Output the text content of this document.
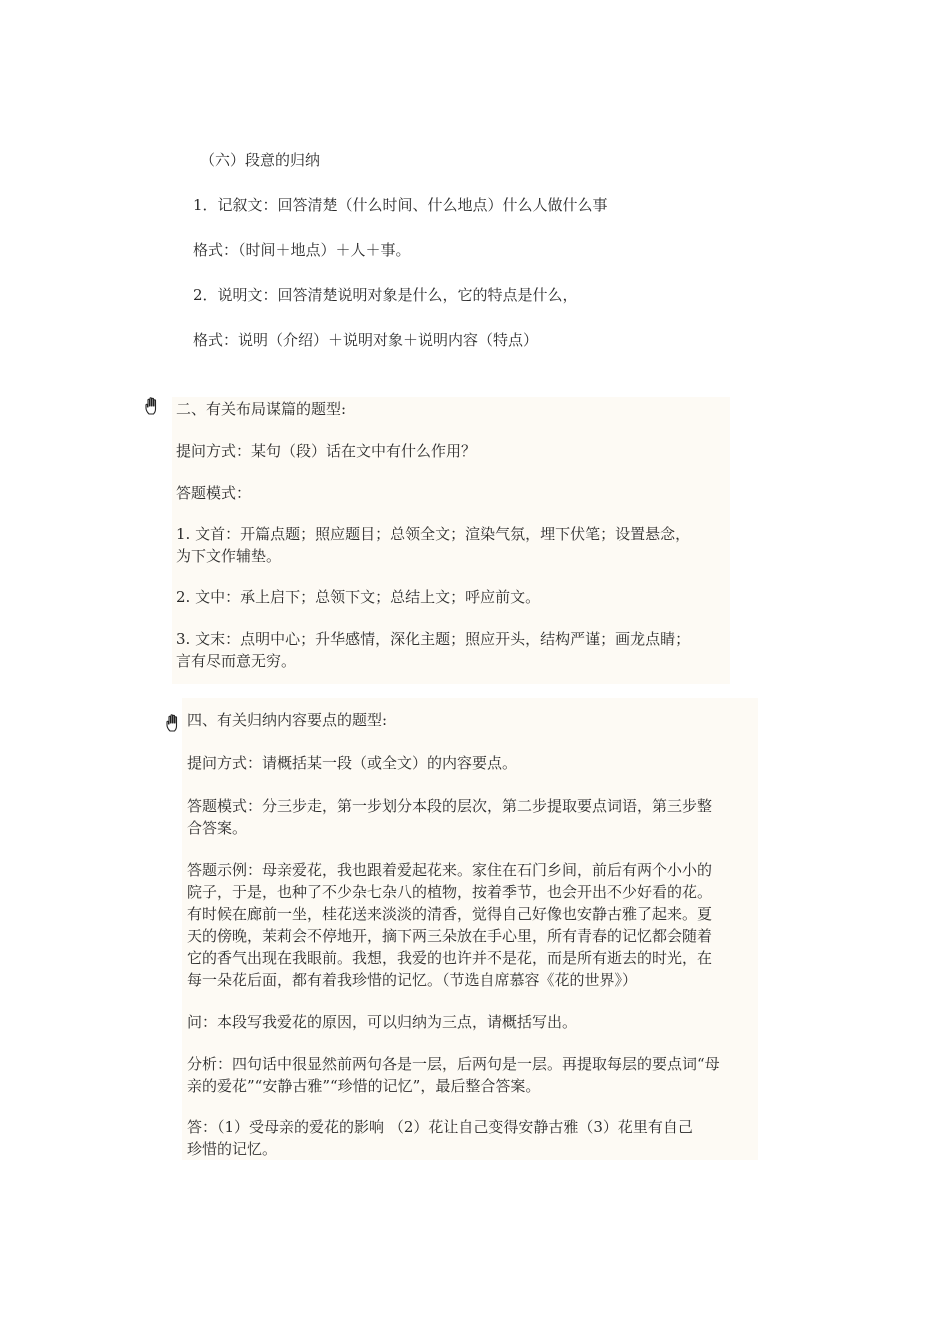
（六）段意的归纳
1．记叙文：回答清楚（什么时间、什么地点）什么人做什么事
格式：（时间＋地点）＋人＋事。
2．说明文：回答清楚说明对象是什么，它的特点是什么，
格式：说明（介绍）＋说明对象＋说明内容（特点）
二、有关布局谋篇的题型:
提问方式：某句（段）话在文中有什么作用？
答题模式：
1. 文首：开篇点题；照应题目；总领全文；渲染气氛，埋下伏笔；设置悬念，
为下文作辅垫。
2. 文中：承上启下；总领下文；总结上文；呼应前文。
3. 文末：点明中心；升华感情，深化主题；照应开头，结构严谨；画龙点睛；
言有尽而意无穷。
四、有关归纳内容要点的题型:
提问方式：请概括某一段（或全文）的内容要点。
答题模式：分三步走，第一步划分本段的层次，第二步提取要点词语，第三步整
合答案。
答题示例：母亲爱花，我也跟着爱起花来。家住在石门乡间，前后有两个小小的
院子，于是，也种了不少杂七杂八的植物，按着季节，也会开出不少好看的花。
有时候在廊前一坐，桂花送来淡淡的清香，觉得自己好像也安静古雅了起来。夏
天的傍晚，茉莉会不停地开，摘下两三朵放在手心里，所有青春的记忆都会随着
它的香气出现在我眼前。我想，我爱的也许并不是花，而是所有逝去的时光，在
每一朵花后面，都有着我珍惜的记忆。（节选自席慕容《花的世界》）
问：本段写我爱花的原因，可以归纳为三点，请概括写出。
分析：四句话中很显然前两句各是一层，后两句是一层。再提取每层的要点词“母
亲的爱花”“安静古雅”“珍惜的记忆”，最后整合答案。
答：（1）受母亲的爱花的影响 （2）花让自己变得安静古雅（3）花里有自己
珍惜的记忆。
